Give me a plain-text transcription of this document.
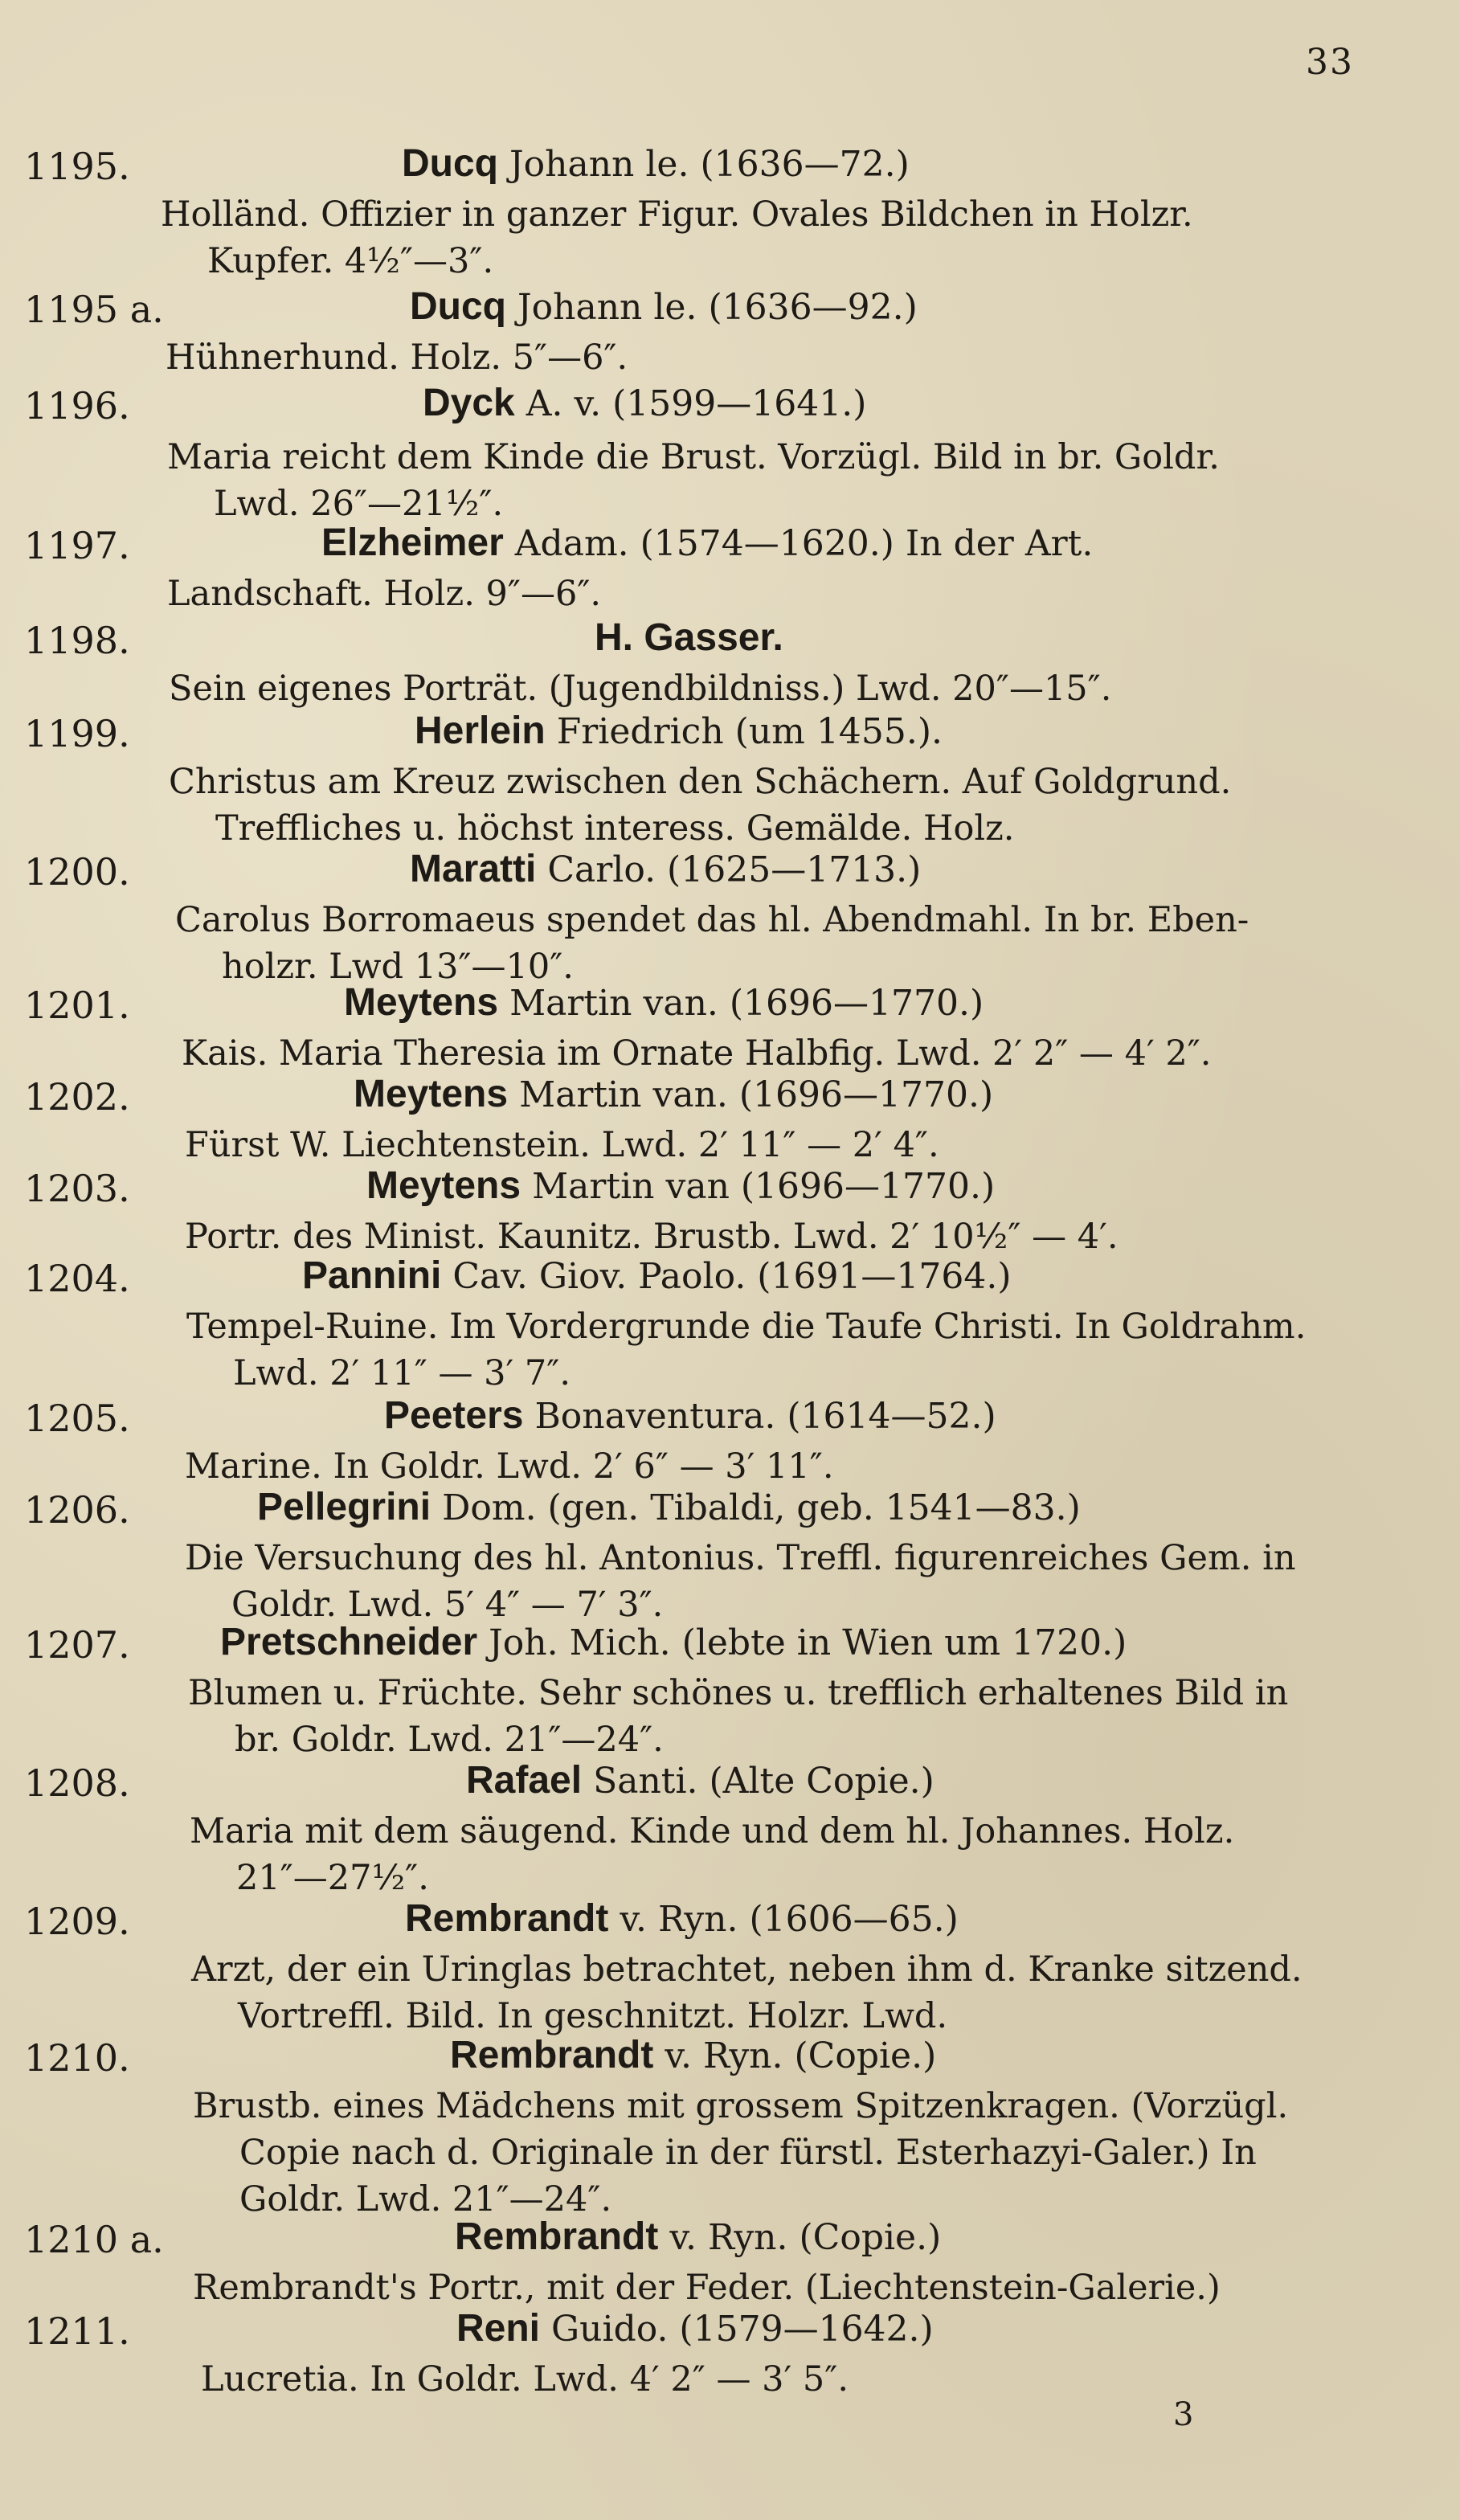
33
1195.	Ducq Johann le. (1636—72.)
Holländ. Offizier in ganzer Figur. Ovales Bildchen in Holzr.
Kupfer. 4½″—3″.
1195 a.	Ducq Johann le. (1636—92.)
Hühnerhund. Holz. 5″—6″.
1196.	Dyck A. v. (1599—1641.)
Maria reicht dem Kinde die Brust. Vorzügl. Bild in br. Goldr.
Lwd. 26″—21½″.
1197.	Elzheimer Adam. (1574—1620.) In der Art.
Landschaft. Holz. 9″—6″.
1198.	H. Gasser.
Sein eigenes Porträt. (Jugendbildniss.) Lwd. 20″—15″.
1199.	Herlein Friedrich (um 1455.).
Christus am Kreuz zwischen den Schächern. Auf Goldgrund.
Treffliches u. höchst interess. Gemälde. Holz.
1200.	Maratti Carlo. (1625—1713.)
Carolus Borromaeus spendet das hl. Abendmahl. In br. Eben-
holzr. Lwd 13″—10″.
1201.	Meytens Martin van. (1696—1770.)
Kais. Maria Theresia im Ornate Halbfig. Lwd. 2′ 2″ — 4′ 2″.
1202.	Meytens Martin van. (1696—1770.)
Fürst W. Liechtenstein. Lwd. 2′ 11″ — 2′ 4″.
1203.	Meytens Martin van (1696—1770.)
Portr. des Minist. Kaunitz. Brustb. Lwd. 2′ 10½″ — 4′.
1204.	Pannini Cav. Giov. Paolo. (1691—1764.)
Tempel-Ruine. Im Vordergrunde die Taufe Christi. In Goldrahm.
Lwd. 2′ 11″ — 3′ 7″.
1205.	Peeters Bonaventura. (1614—52.)
Marine. In Goldr. Lwd. 2′ 6″ — 3′ 11″.
1206.	Pellegrini Dom. (gen. Tibaldi, geb. 1541—83.)
Die Versuchung des hl. Antonius. Treffl. figurenreiches Gem. in
Goldr. Lwd. 5′ 4″ — 7′ 3″.
1207. Pretschneider Joh. Mich. (lebte in Wien um 1720.)
Blumen u. Früchte. Sehr schönes u. trefflich erhaltenes Bild in
br. Goldr. Lwd. 21″—24″.
1208.	Rafael Santi. (Alte Copie.)
Maria mit dem säugend. Kinde und dem hl. Johannes. Holz.
21″—27½″.
1209.	Rembrandt v. Ryn. (1606—65.)
Arzt, der ein Uringlas betrachtet, neben ihm d. Kranke sitzend.
Vortreffl. Bild. In geschnitzt. Holzr. Lwd.
1210.	Rembrandt v. Ryn. (Copie.)
Brustb. eines Mädchens mit grossem Spitzenkragen. (Vorzügl.
Copie nach d. Originale in der fürstl. Esterhazyi-Galer.) In
Goldr. Lwd. 21″—24″.
1210 a.	Rembrandt v. Ryn. (Copie.)
Rembrandt's Portr., mit der Feder. (Liechtenstein-Galerie.)
1211.	Reni Guido. (1579—1642.)
Lucretia. In Goldr. Lwd. 4′ 2″ — 3′ 5″.
3
